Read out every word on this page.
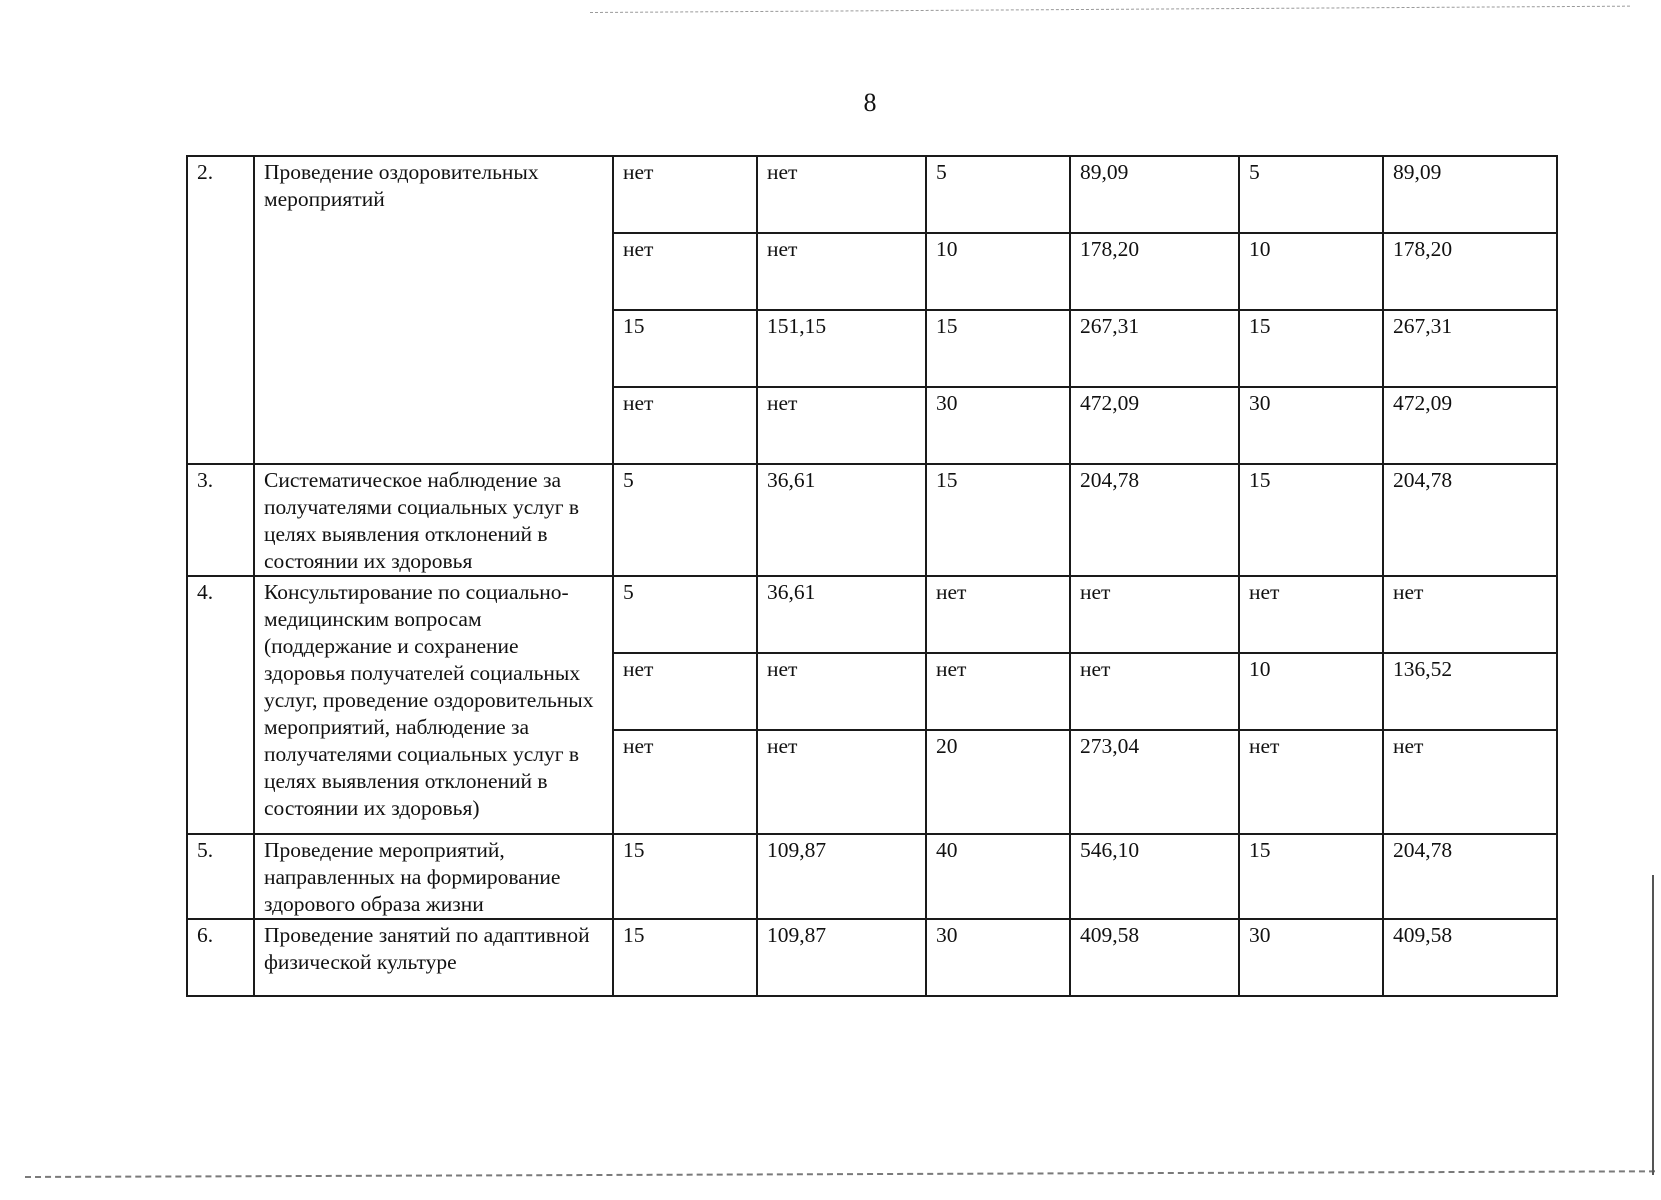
8
2.	Проведение оздоровительных мероприятий	нет	нет	5	89,09	5	89,09
		нет	нет	10	178,20	10	178,20
		15	151,15	15	267,31	15	267,31
		нет	нет	30	472,09	30	472,09
3.	Систематическое наблюдение за получателями социальных услуг в целях выявления отклонений в состоянии их здоровья	5	36,61	15	204,78	15	204,78
4.	Консультирование по социально-медицинским вопросам (поддержание и сохранение здоровья получателей социальных услуг, проведение оздоровительных мероприятий, наблюдение за получателями социальных услуг в целях выявления отклонений в состоянии их здоровья)	5	36,61	нет	нет	нет	нет
		нет	нет	нет	нет	10	136,52
		нет	нет	20	273,04	нет	нет
5.	Проведение мероприятий, направленных на формирование здорового образа жизни	15	109,87	40	546,10	15	204,78
6.	Проведение занятий по адаптивной физической культуре	15	109,87	30	409,58	30	409,58
